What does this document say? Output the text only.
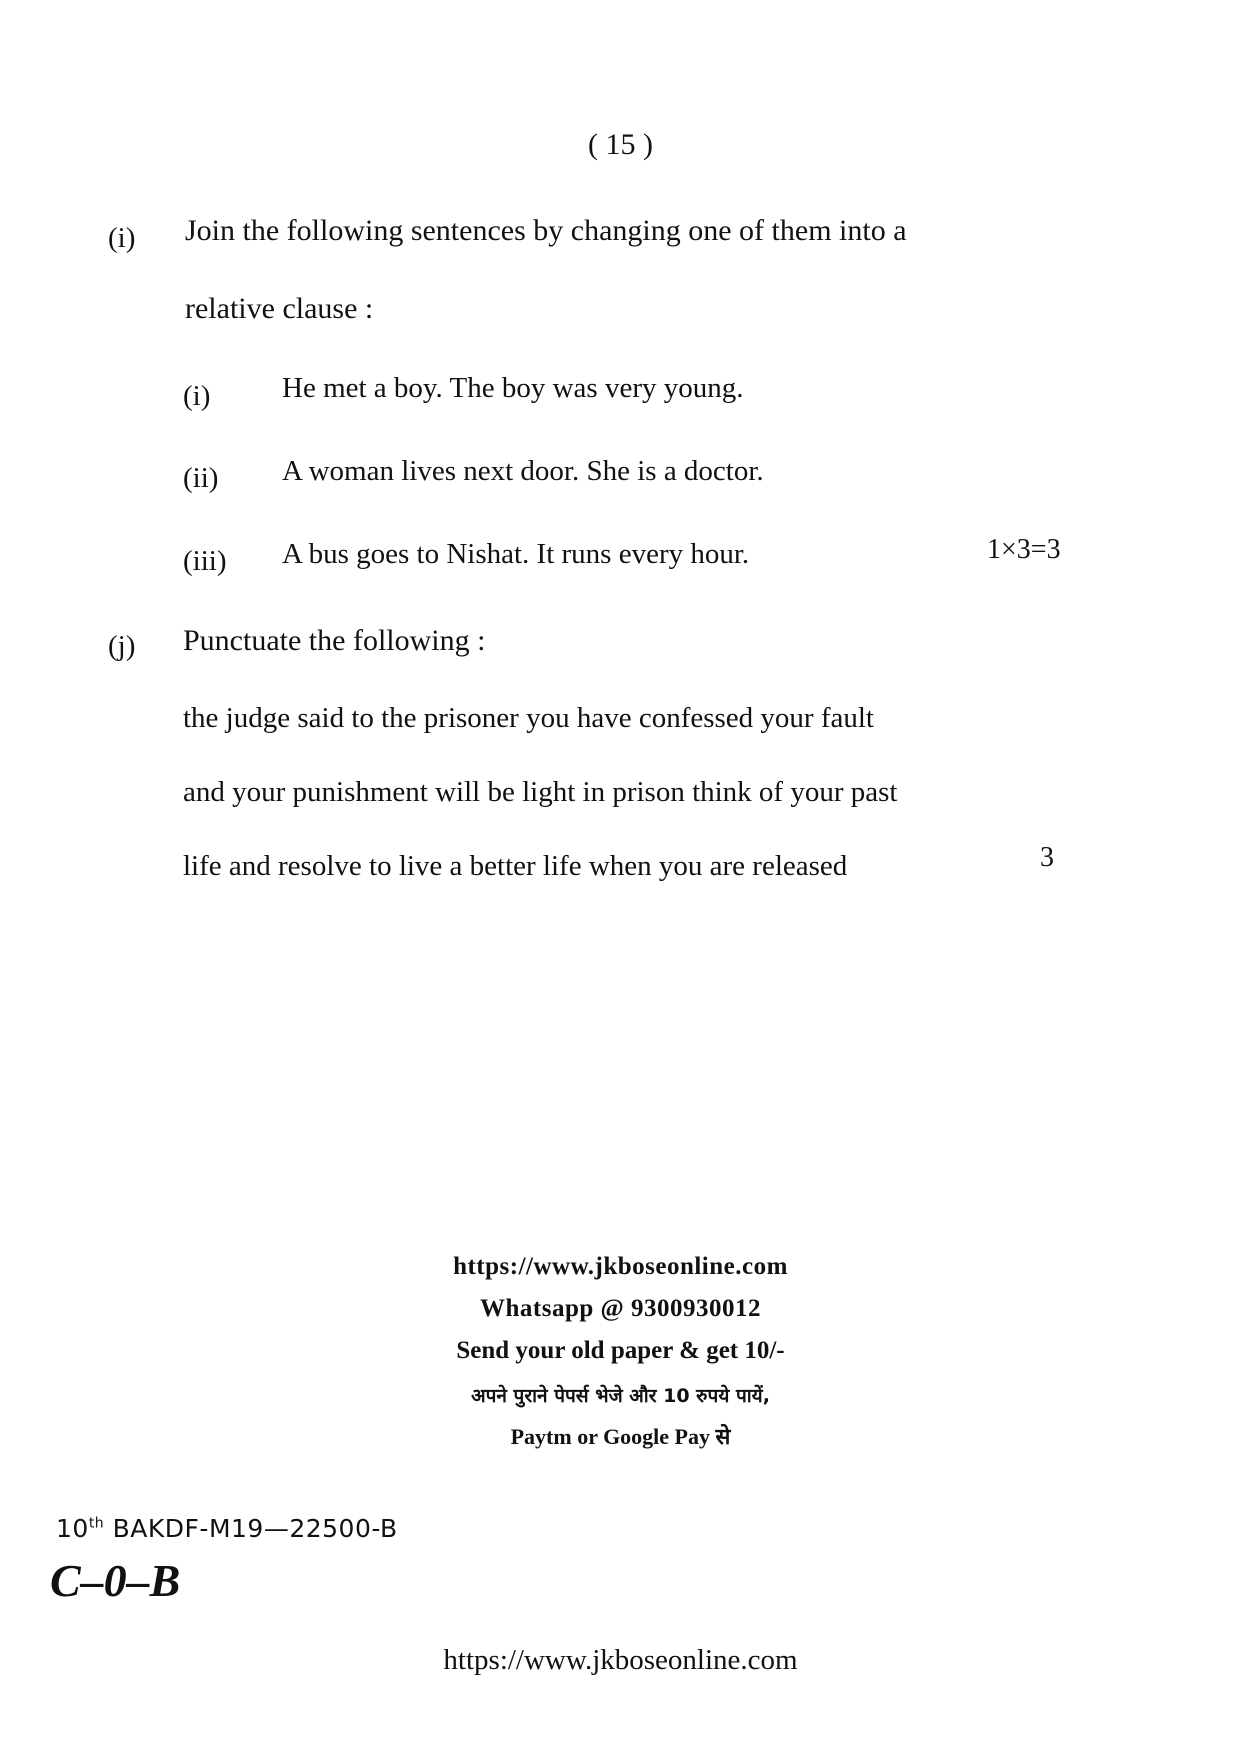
( 15 )
(i) Join the following sentences by changing one of them into a
relative clause :
(i) He met a boy. The boy was very young.
(ii) A woman lives next door. She is a doctor.
(iii) A bus goes to Nishat. It runs every hour.	1×3=3
(j) Punctuate the following :
the judge said to the prisoner you have confessed your fault
and your punishment will be light in prison think of your past
life and resolve to live a better life when you are released	3
https://www.jkboseonline.com
Whatsapp @ 9300930012
Send your old paper & get 10/-
अपने पुराने पेपर्स भेजे और 10 रुपये पायें,
Paytm or Google Pay से
10th BAKDF-M19—22500-B
C–0–B
https://www.jkboseonline.com
